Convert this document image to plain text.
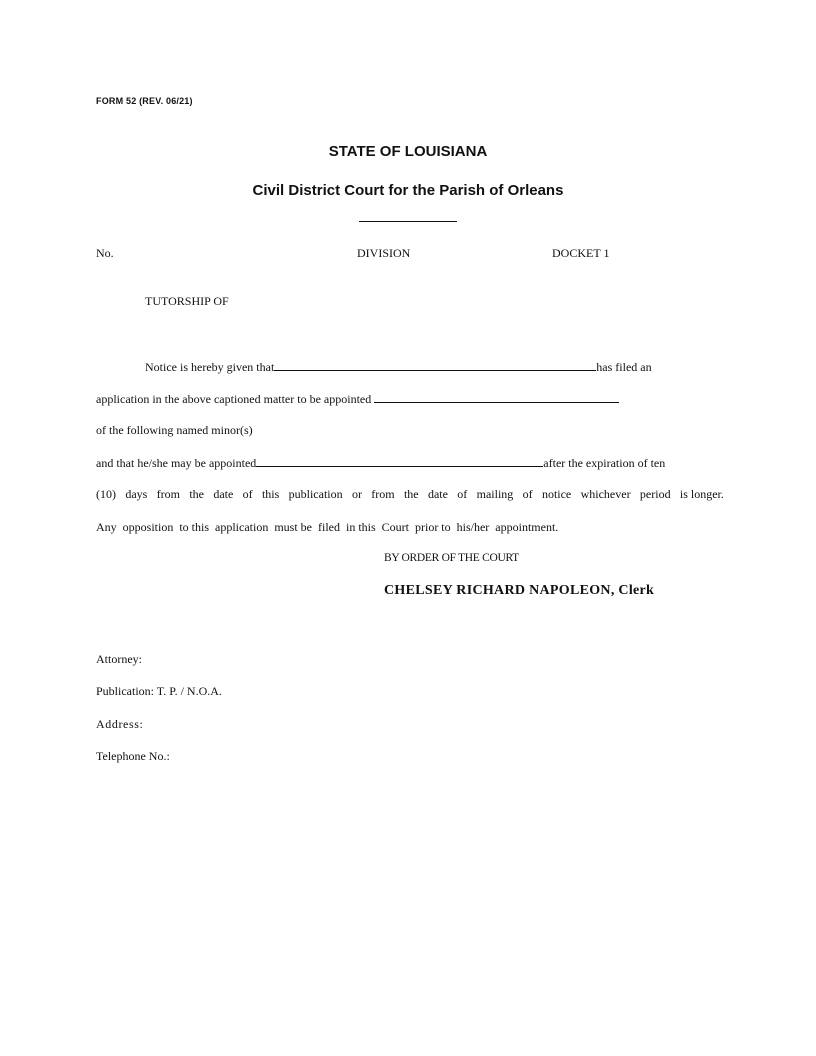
FORM 52 (REV. 06/21)
STATE OF LOUISIANA
Civil District Court for the Parish of Orleans
No.	DIVISION	DOCKET 1
TUTORSHIP OF
Notice is hereby given that	has filed an
application in the above captioned matter to be appointed
of the following named minor(s)
and that he/she may be appointed	after the expiration of ten
(10) days from the date of this publication or from the date of mailing of notice whichever period is longer.
Any  opposition  to this  application  must be  filed  in this  Court  prior to  his/her  appointment.
BY ORDER OF THE COURT
CHELSEY RICHARD NAPOLEON, Clerk
Attorney:
Publication: T. P. / N.O.A.
Address:
Telephone No.:
